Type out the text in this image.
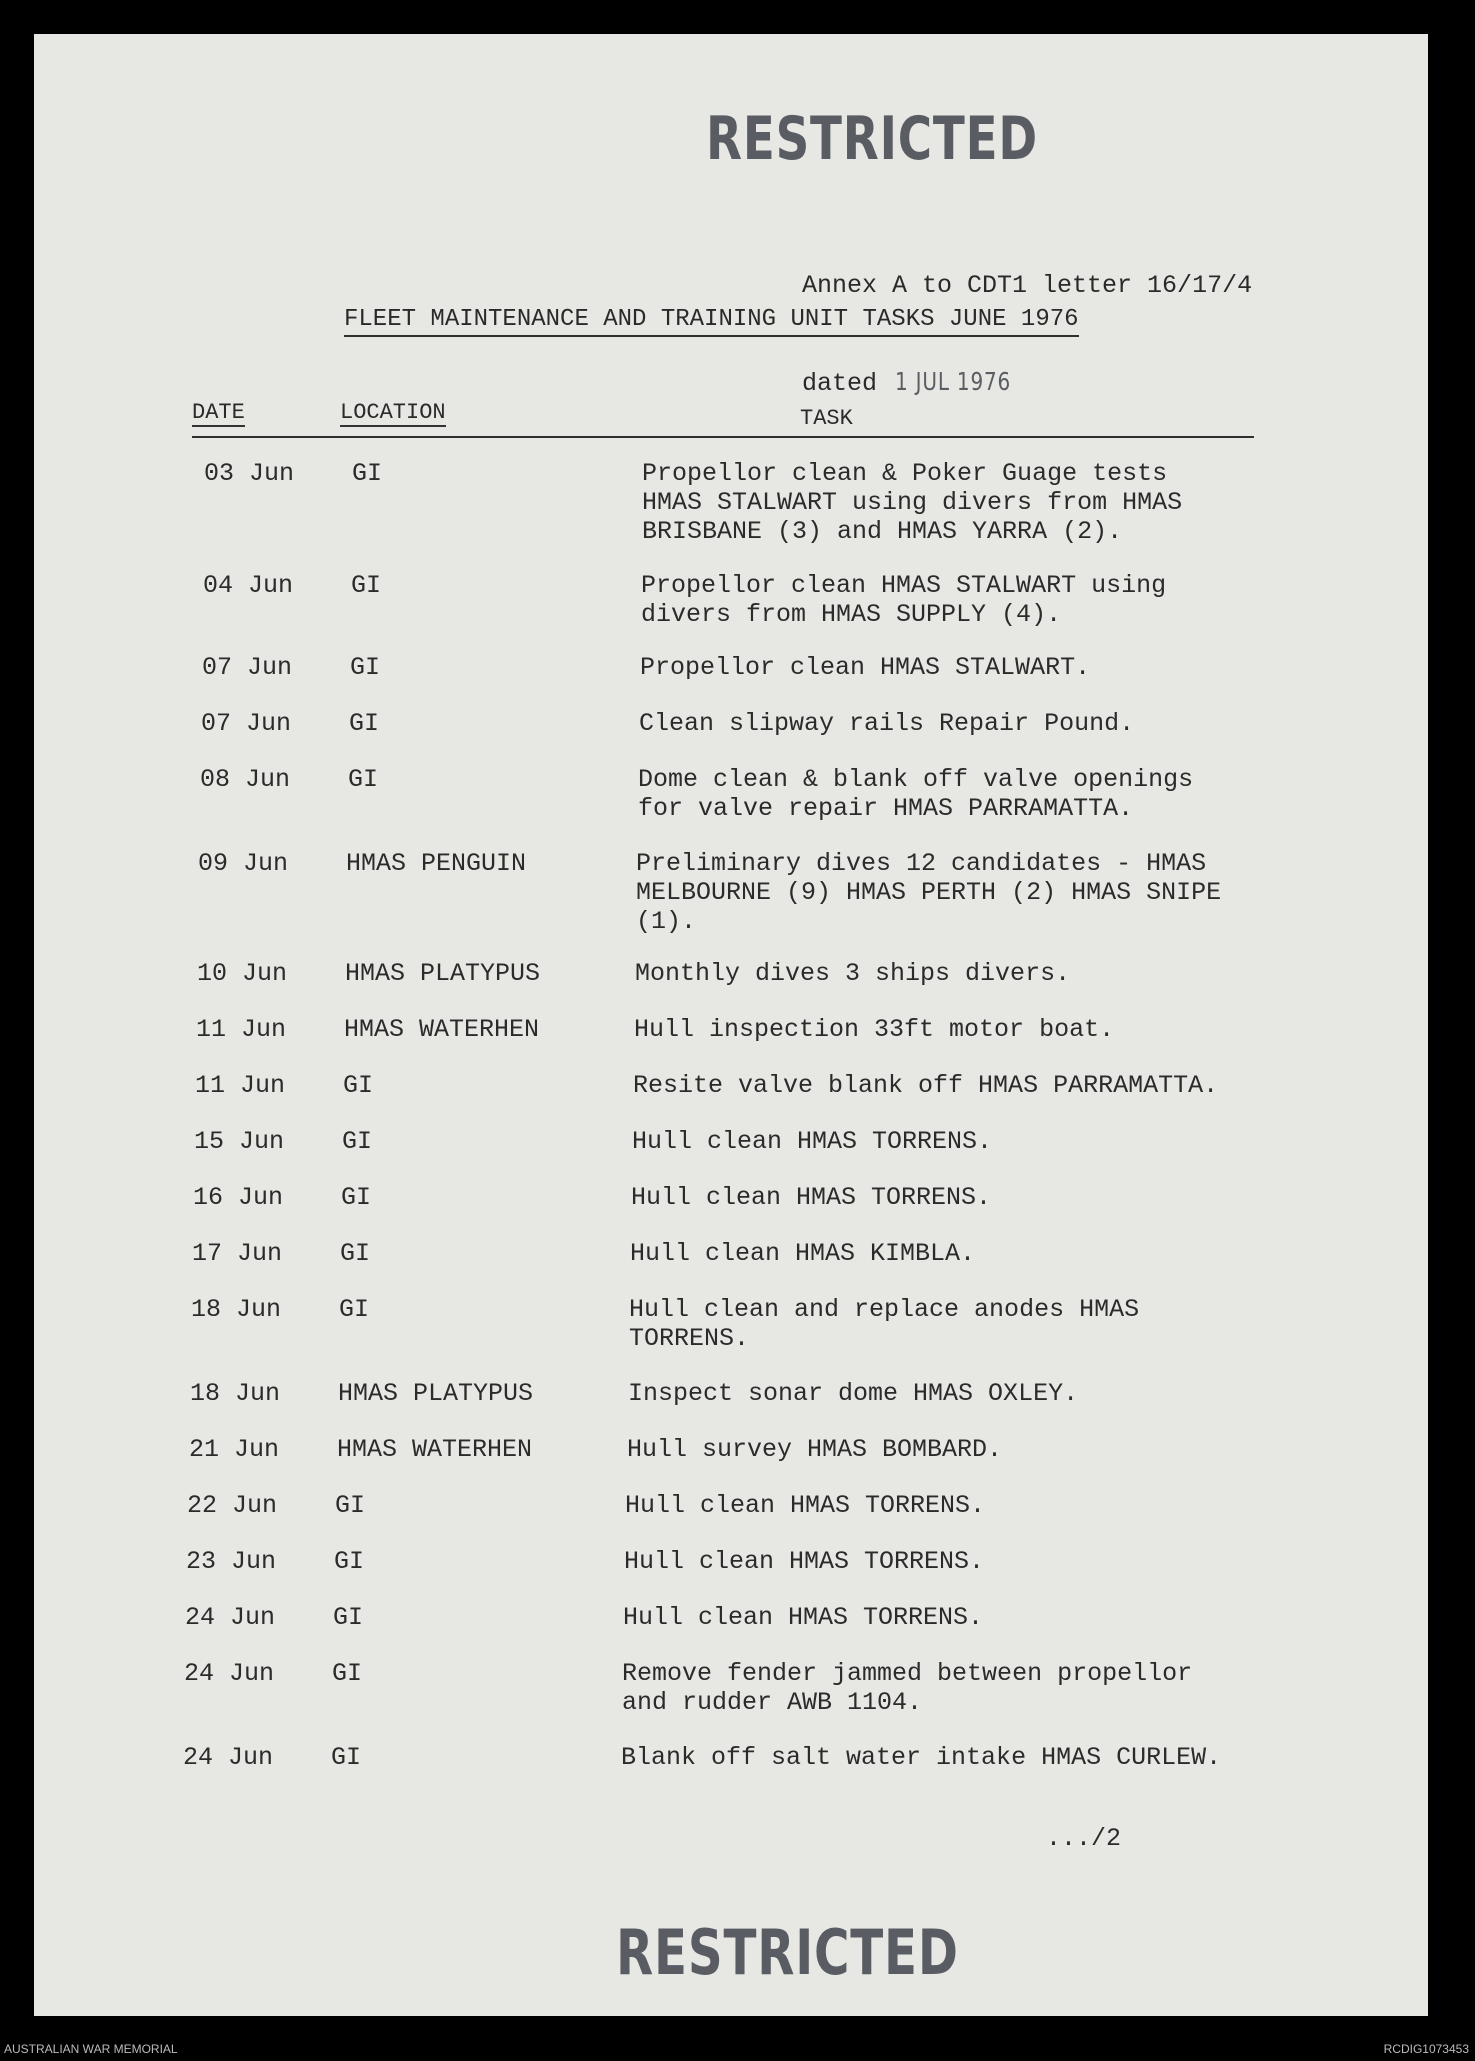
RESTRICTED

Annex A to CDT1 letter 16/17/4

dated 1 JUL 1976

FLEET MAINTENANCE AND TRAINING UNIT TASKS JUNE 1976
DATE	LOCATION	TASK
03 Jun GI	Propellor clean & Poker Guage tests
HMAS STALWART using divers from HMAS
BRISBANE (3) and HMAS YARRA (2).
04 Jun GI	Propellor clean HMAS STALWART using
divers from HMAS SUPPLY (4).
07 Jun GI	Propellor clean HMAS STALWART.
07 Jun GI	Clean slipway rails Repair Pound.
08 Jun GI	Dome clean & blank off valve openings
for valve repair HMAS PARRAMATTA.
09 Jun HMAS PENGUIN	Preliminary dives 12 candidates - HMAS
MELBOURNE (9) HMAS PERTH (2) HMAS SNIPE
(1).
10 Jun HMAS PLATYPUS	Monthly dives 3 ships divers.
11 Jun HMAS WATERHEN	Hull inspection 33ft motor boat.
11 Jun GI	Resite valve blank off HMAS PARRAMATTA.
15 Jun GI	Hull clean HMAS TORRENS.
16 Jun GI	Hull clean HMAS TORRENS.
17 Jun GI	Hull clean HMAS KIMBLA.
18 Jun GI	Hull clean and replace anodes HMAS
TORRENS.
18 Jun HMAS PLATYPUS	Inspect sonar dome HMAS OXLEY.
21 Jun HMAS WATERHEN	Hull survey HMAS BOMBARD.
22 Jun GI	Hull clean HMAS TORRENS.
23 Jun GI	Hull clean HMAS TORRENS.
24 Jun GI	Hull clean HMAS TORRENS.
24 Jun GI	Remove fender jammed between propellor
and rudder AWB 1104.
24 Jun GI	Blank off salt water intake HMAS CURLEW.
.../2
RESTRICTED
AUSTRALIAN WAR MEMORIAL	RCDIG1073453
